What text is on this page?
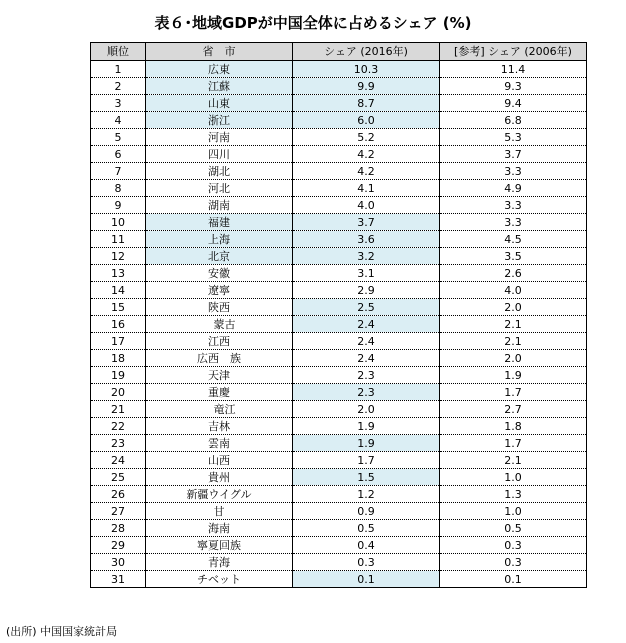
表６･地域GDPが中国全体に占めるシェア (%)
順位	省　市	シェア (2016年)	[参考] シェア (2006年)
1	広東	10.3	11.4
2	江蘇	9.9	9.3
3	山東	8.7	9.4
4	浙江	6.0	6.8
5	河南	5.2	5.3
6	四川	4.2	3.7
7	湖北	4.2	3.3
8	河北	4.1	4.9
9	湖南	4.0	3.3
10	福建	3.7	3.3
11	上海	3.6	4.5
12	北京	3.2	3.5
13	安徽	3.1	2.6
14	遼寧	2.9	4.0
15	陝西	2.5	2.0
16	　蒙古	2.4	2.1
17	江西	2.4	2.1
18	広西　族	2.4	2.0
19	天津	2.3	1.9
20	重慶	2.3	1.7
21	　竜江	2.0	2.7
22	吉林	1.9	1.8
23	雲南	1.9	1.7
24	山西	1.7	2.1
25	貴州	1.5	1.0
26	新疆ウイグル	1.2	1.3
27	甘	0.9	1.0
28	海南	0.5	0.5
29	寧夏回族	0.4	0.3
30	青海	0.3	0.3
31	チベット	0.1	0.1
(出所) 中国国家統計局
